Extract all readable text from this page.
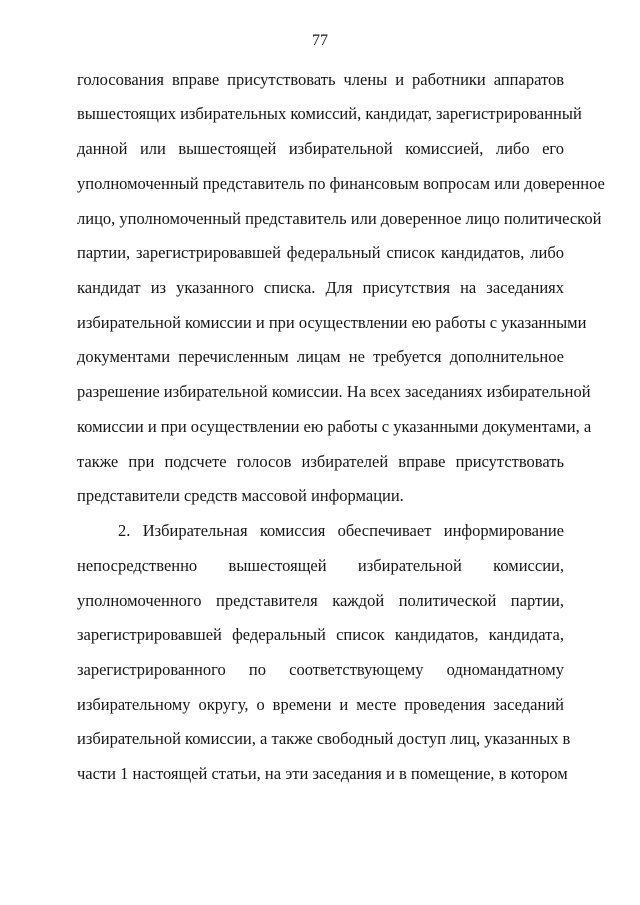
77
голосования вправе присутствовать члены и работники аппаратов
вышестоящих избирательных комиссий, кандидат, зарегистрированный
данной или вышестоящей избирательной комиссией, либо его
уполномоченный представитель по финансовым вопросам или доверенное
лицо, уполномоченный представитель или доверенное лицо политической
партии, зарегистрировавшей федеральный список кандидатов, либо
кандидат из указанного списка. Для присутствия на заседаниях
избирательной комиссии и при осуществлении ею работы с указанными
документами перечисленным лицам не требуется дополнительное
разрешение избирательной комиссии. На всех заседаниях избирательной
комиссии и при осуществлении ею работы с указанными документами, а
также при подсчете голосов избирателей вправе присутствовать
представители средств массовой информации.
2. Избирательная комиссия обеспечивает информирование
непосредственно вышестоящей избирательной комиссии,
уполномоченного представителя каждой политической партии,
зарегистрировавшей федеральный список кандидатов, кандидата,
зарегистрированного по соответствующему одномандатному
избирательному округу, о времени и месте проведения заседаний
избирательной комиссии, а также свободный доступ лиц, указанных в
части 1 настоящей статьи, на эти заседания и в помещение, в котором
